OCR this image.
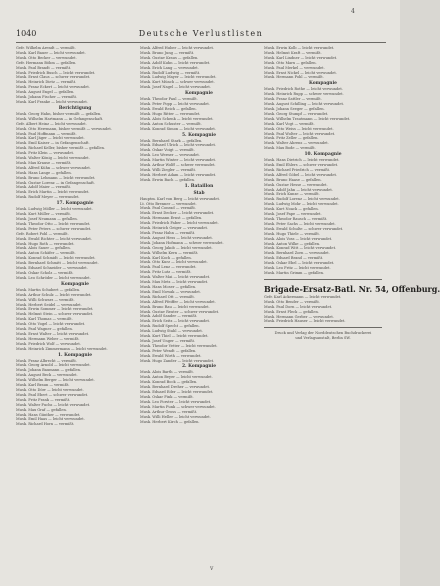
4
1040	Deutsche Verlustlisten
Gefr. Wilhelm Arendt — vermißt.
Musk. Karl Bauer — leicht verwundet.
Musk. Otto Becker — verwundet.
Gefr. Hermann Böhm — gefallen.
Musk. Paul Brandt — vermißt.
Musk. Friedrich Busch — leicht verwundet.
Musk. Ernst Claus — schwer verwundet.
Musk. Heinrich Dietz — vermißt.
Musk. Franz Eckert — leicht verwundet.
Musk. August Engel — gefallen.
Musk. Johann Fischer — vermißt.
Musk. Karl Franke — leicht verwundet.
Berichtigung
Musk. Georg Hahn, bisher vermißt — gefallen.
Musk. Wilhelm Hartmann — in Gefangenschaft.
Gefr. Albert Heinz — leicht verwundet.
Musk. Otto Herrmann, bisher vermißt — verwundet.
Musk. Paul Hoffmann — vermißt.
Musk. Karl Jäger — leicht verwundet.
Musk. Emil Kaiser — in Gefangenschaft.
Musk. Richard Keller, bisher vermißt — gefallen.
Musk. Fritz Klein — verwundet.
Musk. Walter König — leicht verwundet.
Musk. Max Krause — vermißt.
Musk. Alfred Kühn — schwer verwundet.
Musk. Hans Lange — gefallen.
Musk. Bruno Lehmann — leicht verwundet.
Musk. Gustav Lorenz — in Gefangenschaft.
Musk. Adolf Maier — vermißt.
Musk. Erich Martin — leicht verwundet.
Musk. Rudolf Meyer — verwundet.
17. Kompagnie
Musk. Ludwig Möller — leicht verwundet.
Musk. Kurt Müller — vermißt.
Musk. Josef Neumann — gefallen.
Musk. Theodor Otto — leicht verwundet.
Musk. Peter Peters — schwer verwundet.
Gefr. Robert Pohl — vermißt.
Musk. Ewald Richter — leicht verwundet.
Musk. Hugo Roth — verwundet.
Musk. Alois Sauer — gefallen.
Musk. Anton Schäfer — vermißt.
Musk. Konrad Schmidt — leicht verwundet.
Musk. Bernhard Schmitt — leicht verwundet.
Musk. Eduard Schneider — verwundet.
Musk. Oskar Scholz — vermißt.
Musk. Leo Schröder — leicht verwundet.
Kompagnie
Musk. Martin Schubert — gefallen.
Musk. Arthur Schulz — leicht verwundet.
Musk. Willi Schwarz — vermißt.
Musk. Herbert Seidel — verwundet.
Musk. Erwin Sommer — leicht verwundet.
Musk. Helmut Stein — schwer verwundet.
Musk. Karl Thomas — vermißt.
Musk. Otto Vogel — leicht verwundet.
Musk. Paul Wagner — gefallen.
Musk. Ernst Walter — leicht verwundet.
Musk. Hermann Weber — vermißt.
Musk. Friedrich Wolf — verwundet.
Musk. Heinrich Zimmermann — leicht verwundet.
1. Kompagnie
Musk. Franz Albrecht — vermißt.
Musk. Georg Arnold — leicht verwundet.
Musk. Johann Baumann — gefallen.
Musk. August Beck — verwundet.
Musk. Wilhelm Berger — leicht verwundet.
Musk. Karl Braun — vermißt.
Musk. Otto Dörr — leicht verwundet.
Musk. Paul Ebert — schwer verwundet.
Musk. Fritz Frank — vermißt.
Musk. Walter Fuchs — leicht verwundet.
Musk. Max Graf — gefallen.
Musk. Hans Günther — verwundet.
Musk. Emil Haas — leicht verwundet.
Musk. Richard Horn — vermißt.
Musk. Alfred Huber — leicht verwundet.
Musk. Bruno Jung — vermißt.
Musk. Gustav Kraus — gefallen.
Musk. Adolf Kuhn — leicht verwundet.
Musk. Erich Lang — verwundet.
Musk. Rudolf Ludwig — vermißt.
Musk. Ludwig Mayer — leicht verwundet.
Musk. Kurt Münch — schwer verwundet.
Musk. Josef Nagel — leicht verwundet.
Kompagnie
Musk. Theodor Paul — vermißt.
Musk. Peter Popp — leicht verwundet.
Musk. Ewald Reich — gefallen.
Musk. Hugo Ritter — verwundet.
Musk. Alois Schenk — leicht verwundet.
Musk. Anton Schuster — vermißt.
Musk. Konrad Simon — leicht verwundet.
5. Kompagnie
Musk. Bernhard Stark — gefallen.
Musk. Eduard Ulrich — leicht verwundet.
Musk. Oskar Voigt — vermißt.
Musk. Leo Werner — verwundet.
Musk. Martin Winter — leicht verwundet.
Musk. Arthur Wolff — schwer verwundet.
Musk. Willi Ziegler — vermißt.
Musk. Herbert Adam — leicht verwundet.
Musk. Erwin Bach — gefallen.
1. Bataillon
Stab
Hauptm. Karl von Berg — leicht verwundet.
Lt. Otto Brenner — verwundet.
Musk. Paul Conrad — vermißt.
Musk. Ernst Decker — leicht verwundet.
Musk. Hermann Ernst — gefallen.
Musk. Friedrich Faber — leicht verwundet.
Musk. Heinrich Geiger — verwundet.
Musk. Franz Hahn — vermißt.
Musk. August Hess — leicht verwundet.
Musk. Johann Hofmann — schwer verwundet.
Musk. Georg Jakob — leicht verwundet.
Musk. Wilhelm Kern — vermißt.
Musk. Karl Koch — gefallen.
Musk. Otto Kurz — leicht verwundet.
Musk. Paul Lenz — verwundet.
Musk. Fritz Lutz — vermißt.
Musk. Walter Mai — leicht verwundet.
Musk. Max Metz — leicht verwundet.
Musk. Hans Moser — gefallen.
Musk. Emil Nowak — verwundet.
Musk. Richard Ott — vermißt.
Musk. Alfred Pfeiffer — leicht verwundet.
Musk. Bruno Rau — leicht verwundet.
Musk. Gustav Reuter — schwer verwundet.
Musk. Adolf Sander — vermißt.
Musk. Erich Seitz — leicht verwundet.
Musk. Rudolf Specht — gefallen.
Musk. Ludwig Stahl — verwundet.
Musk. Kurt Thiel — leicht verwundet.
Musk. Josef Unger — vermißt.
Musk. Theodor Vetter — leicht verwundet.
Musk. Peter Wendt — gefallen.
Musk. Ewald Wirth — verwundet.
Musk. Hugo Zander — leicht verwundet.
2. Kompagnie
Musk. Alois Barth — vermißt.
Musk. Anton Beyer — leicht verwundet.
Musk. Konrad Bock — gefallen.
Musk. Bernhard Dreher — verwundet.
Musk. Eduard Eder — leicht verwundet.
Musk. Oskar Fink — vermißt.
Musk. Leo Forster — leicht verwundet.
Musk. Martin Funk — schwer verwundet.
Musk. Arthur Gross — vermißt.
Musk. Willi Heller — leicht verwundet.
Musk. Herbert Kirch — gefallen.
Musk. Erwin Kolb — leicht verwundet.
Musk. Helmut Kraft — vermißt.
Musk. Karl Lindner — leicht verwundet.
Musk. Otto Marx — gefallen.
Musk. Paul Merkel — verwundet.
Musk. Ernst Nickel — leicht verwundet.
Musk. Hermann Pohl — vermißt.
Kompagnie
Musk. Friedrich Rothe — leicht verwundet.
Musk. Heinrich Rupp — schwer verwundet.
Musk. Franz Sattler — vermißt.
Musk. August Schilling — leicht verwundet.
Musk. Johann Seeger — gefallen.
Musk. Georg Stumpf — verwundet.
Musk. Wilhelm Trautmann — leicht verwundet.
Musk. Karl Vogt — vermißt.
Musk. Otto Weiss — leicht verwundet.
Musk. Paul Wolter — leicht verwundet.
Musk. Fritz Zeller — gefallen.
Musk. Walter Ahrens — verwundet.
Musk. Max Bode — vermißt.
10. Kompagnie
Musk. Hans Dietrich — leicht verwundet.
Musk. Emil Ehlers — schwer verwundet.
Musk. Richard Friedrich — vermißt.
Musk. Alfred Göbel — leicht verwundet.
Musk. Bruno Haase — gefallen.
Musk. Gustav Hesse — verwundet.
Musk. Adolf Jahn — leicht verwundet.
Musk. Erich Kunze — vermißt.
Musk. Rudolf Lorenz — leicht verwundet.
Musk. Ludwig Mohr — leicht verwundet.
Musk. Kurt Noack — gefallen.
Musk. Josef Pape — verwundet.
Musk. Theodor Rausch — vermißt.
Musk. Peter Sachs — leicht verwundet.
Musk. Ewald Schulte — schwer verwundet.
Musk. Hugo Thiele — vermißt.
Musk. Alois Voss — leicht verwundet.
Musk. Anton Wilke — gefallen.
Musk. Konrad Witt — leicht verwundet.
Musk. Bernhard Zorn — verwundet.
Musk. Eduard Brand — vermißt.
Musk. Oskar Ebel — leicht verwundet.
Musk. Leo Fritz — leicht verwundet.
Musk. Martin Grimm — gefallen.
Brigade-Ersatz-Batl. Nr. 54, Offenburg.
Gefr. Karl Ackermann — leicht verwundet.
Musk. Otto Bender — vermißt.
Musk. Paul Dorn — leicht verwundet.
Musk. Ernst Fleck — gefallen.
Musk. Hermann Gerber — verwundet.
Musk. Friedrich Hauser — leicht verwundet.
Druck und Verlag der Norddeutschen Buchdruckerei
und Verlagsanstalt, Berlin SW.
v
